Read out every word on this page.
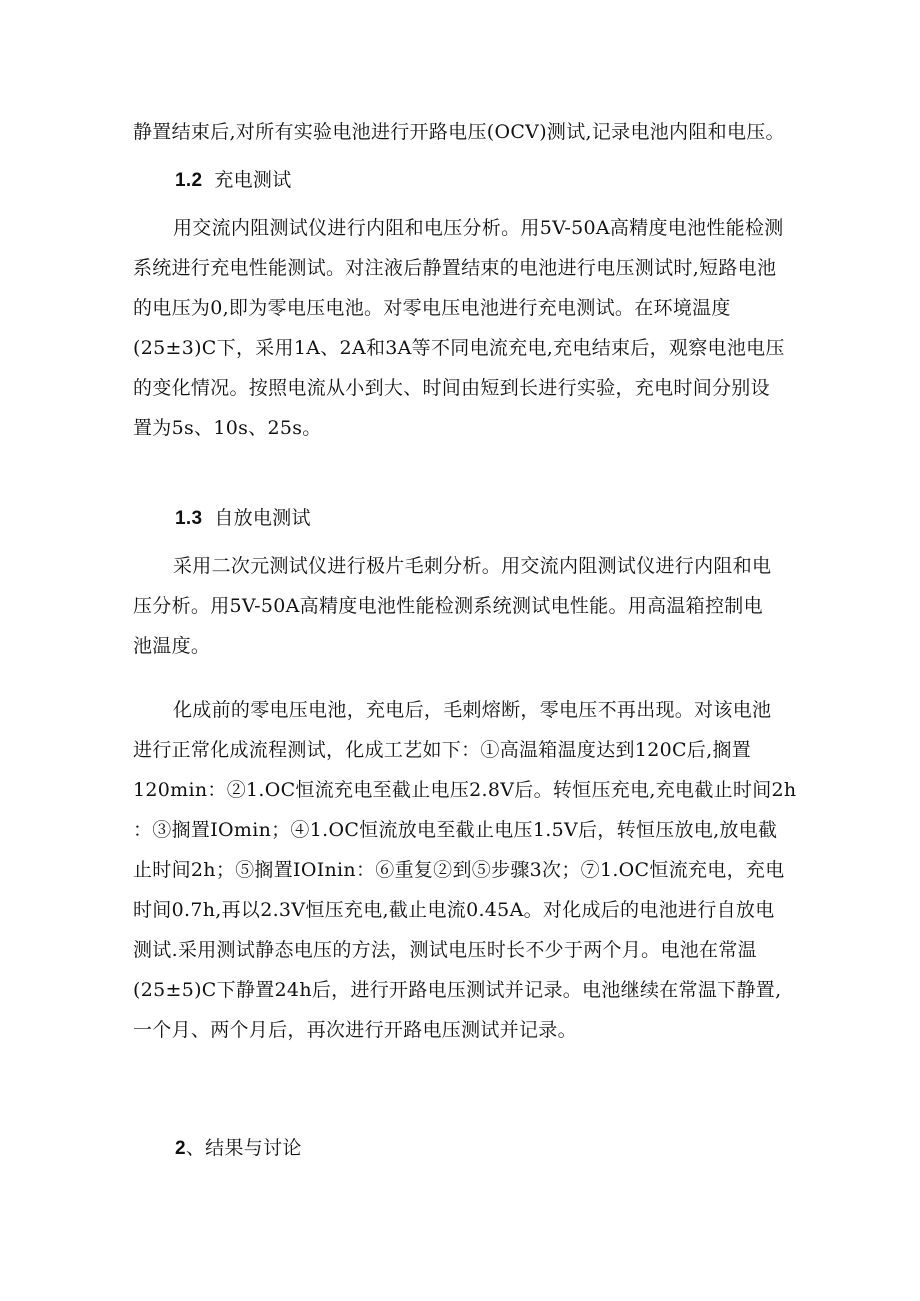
静置结束后,对所有实验电池进行开路电压(OCV)测试,记录电池内阻和电压。
1.2 充电测试
用交流内阻测试仪进行内阻和电压分析。用5V-50A高精度电池性能检测
系统进行充电性能测试。对注液后静置结束的电池进行电压测试时,短路电池
的电压为0,即为零电压电池。对零电压电池进行充电测试。在环境温度
(25±3)C下，采用1A、2A和3A等不同电流充电,充电结束后，观察电池电压
的变化情况。按照电流从小到大、时间由短到长进行实验，充电时间分别设
置为5s、10s、25s。
1.3 自放电测试
采用二次元测试仪进行极片毛刺分析。用交流内阻测试仪进行内阻和电
压分析。用5V-50Α高精度电池性能检测系统测试电性能。用高温箱控制电
池温度。
化成前的零电压电池，充电后，毛刺熔断，零电压不再出现。对该电池
进行正常化成流程测试，化成工艺如下：①高温箱温度达到120C后,搁置
120min：②1.OC恒流充电至截止电压2.8V后。转恒压充电,充电截止时间2h
：③搁置IOmin；④1.OC恒流放电至截止电压1.5V后，转恒压放电,放电截
止时间2h；⑤搁置IOInin：⑥重复②到⑤步骤3次；⑦1.OC恒流充电，充电
时间0.7h,再以2.3V恒压充电,截止电流0.45A。对化成后的电池进行自放电
测试.采用测试静态电压的方法，测试电压时长不少于两个月。电池在常温
(25±5)C下静置24h后，进行开路电压测试并记录。电池继续在常温下静置,
一个月、两个月后，再次进行开路电压测试并记录。
2、结果与讨论
